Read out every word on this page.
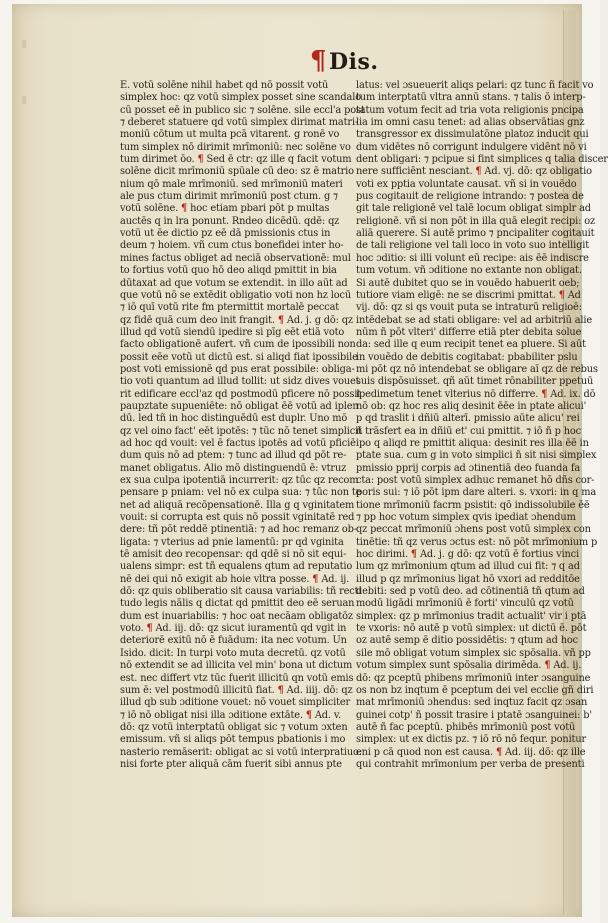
¶Dis.
E. votū solēne nihil habet qd nō possit votū
simplex hoc: qz votū simplex posset sine scandalo
cū posset eē in publico sic ⁊ solēne. sile eccl'a post
⁊ deberet statuere qd votū simplex dirimat matri-
moniū cōtum ut multa pcā vitarent. g ronē vo
tum simplex nō dirimit mrīmoniū: nec solēne vo
tum dirimet ōo. ¶ Sed ē ctr: qz ille q facit votum
solēne dicit mrīmoniū spūale cū deo: sz ē matrio
nium qō male mrīmoniū. sed mrīmoniū materi
ale pus ctum dirimit mrīmoniū post ctum. g ⁊
votū solēne. ¶ hoc etiam pbari pōt p multas
auctēs q in lra ponunt. Rndeo dicēdū. qdē: qz
votū ut ēe dictio pz eē dā pmissionis ctus in
deum ⁊ hoiem. vñ cum ctus bonefidei inter ho-
mines factus obliget ad neciā observationē: mul
to fortius votū quo hō deo aliqd pmittit in bia
dūtaxat ad que votum se extendit. in illo aūt ad
que votū nō se extēdit obligatio voti non hz locū
⁊ iō quī votū rite fm ptermittit mortalē peccat
qz fidē quā cum deo init frangit. ¶ Ad. j. g dō: qz
illud qd votū siendū ipedire si pīg eēt etiā voto
facto obligationē aufert. vñ cum de ipossibili non
possit eēe votū ut dictū est. si aliqd fiat ipossibile
post voti emissionē qd pus erat possibile: obliga-
tio voti quantum ad illud tollit: ut sidz dives vouet
rit edificare eccl'az qd postmodū pficere nō possit
paupztate supueniēte: nō obligat ēē votū ad iplen
dū. led tñ in hoc distinguēdū est duplr. Uno mō
qz vel oino fact' eēt ipotēs: ⁊ tūc nō tenet simplicit
ad hoc qd vouit: vel ē factus ipotēs ad votū pficiē
dum quis nō ad ptem: ⁊ tunc ad illud qd pōt re-
manet obligatus. Alio mō distinguendū ē: vtruz
ex sua culpa ipotentiā incurrerit: qz tūc qz recom
pensare p pniam: vel nō ex culpa sua: ⁊ tūc non te
net ad aliquā recōpensationē. Illa g q vginitatem
vouit: si corrupta est quis nō possit vginitatē red
dere: tñ pōt reddē ptinentiā: ⁊ ad hoc remanz ob-
ligata: ⁊ vterius ad pnie lamentū: pr qd vginita
tē amisit deo recopensar: qd qdē si nō sit equi-
ualens simpr: est tñ equalens qtum ad reputatio
nē dei qui nō exigit ab hoie vltra posse. ¶ Ad. ij.
dō: qz quis obliberatio sit causa variabilis: tñ recti
tudo legis nālis q dictat qd pmittit deo eē seruan
dum est inuariabilis: ⁊ hoc oat necāam obligatōz
voto. ¶ Ad. iij. dō: qz sicut iuramentū qd vgit in
deteriorē exitū nō ē fuādum: ita nec votum. Un
Isido. dicit: In turpi voto muta decretū. qz votū
nō extendit se ad illicita vel min' bona ut dictum
est. nec differt vtz tūc fuerit illicitū qn votū emis
sum ē: vel postmodū illicitū fiat. ¶ Ad. iiij. dō: qz
illud qb sub ɔditione vouet: nō vouet simpliciter
⁊ iō nō obligat nisi illa ɔditione extāte. ¶ Ad. v.
dō: qz votū interptatū obligat sic ⁊ votum ɔxten
emissum. vñ si aliqs pōt tempus pbationis i mo
nasterio remāserit: obligat ac si votū interpratiuo:
nisi forte pter aliquā cām fuerit sibi annus pte
latus: vel ɔsueuerit aliqs pelari: qz tunc ñ facit vo
tum interptatū vltra annū stans. ⁊ talis ō interp-
tatum votum fecit ad tria vota religionis pncipa
lia im omni casu tenet: ad alias observātias gnz
transgressor ex dissimulatōne platoz inducit qui
dum vidētes nō corrigunt indulgere vidēnt nō vi
dent obligari: ⁊ pcipue si fint simplices q talia discer
nere sufficiēnt nesciant. ¶ Ad. vj. dō: qz obligatio
voti ex pptia voluntate causat. vñ si in vouēdo
pus cogitauit de religione intrando: ⁊ postea de
git tale religionē vel talē locum obligat simplr ad
religionē. vñ si non pōt in illa quā elegit recipi: oz
aliā querere. Si autē primo ⁊ pncipaliter cogitauit
de tali religione vel tali loco in voto suo intelligit
hoc ɔditio: si illi volunt eū recipe: ais ēē indiscre
tum votum. vñ ɔditione no extante non obligat.
Si autē dubitet quo se in vouēdo habuerit oeb;
tutiore viam eligē: ne se discrimi pmittat. ¶ Ad
vij. dō: qz si qs vouit puta se intraturū religioē:
intēdebat se ad stati obligare: vel ad arbitriū alie
nūm ñ pōt vlteri' differre etiā pter debita solue
da: sed ille q eum recipit tenet ea pluere. Si aūt
in vouēdo de debitis cogitabat: pbabiliter pslu
mi pōt qz nō intendebat se obligare aī qz de rebus
suis dispōsuisset. qñ aūt timet rōnabiliter ppetuū
ipedimetum tenet vlterius nō differre. ¶ Ad. ix. dō
nō ob: qz hoc res aliq desinit ēēe in ptate alicui'
p qd traslit i dñiū alterī. pmissio aūte alicu' rei
ñ trāsfert ea in dñiū et' cui pmittit. ⁊ iō ñ p hoc
ipo q aliqd re pmittit aliqua: desinit res illa ēē in
ptate sua. cum g in voto simplici ñ sit nisi simplex
pmissio pprij corpis ad ɔtinentiā deo fuanda fa
cta: post votū simplex adhuc remanet hō dñs cor-
poris sui: ⁊ iō pōt ipm dare alteri. s. vxori: in q ma
tione mrīmoniū facrm psistit: qō indissolubile ēē
⁊ pp hoc votum simplex qvis ipediat ɔhendum
qz peccat mrīmoniū ɔhens post votū simplex con
tinētie: tñ qz verus ɔctus est: nō pōt mrīmonium p
hoc dirimi. ¶ Ad. j. g dō: qz votū ē fortius vinci
lum qz mrīmonium qtum ad illud cui fit: ⁊ q ad
illud p qz mrīmonius ligat hō vxori ad redditōe
debiti: sed p votū deo. ad cōtinentiā tñ qtum ad
modū ligādi mrīmoniū ē forti' vinculū qz votū
simplex: qz p mrīmonius tradit actualit' vir i ptā
te vxoris: nō autē p votū simplex: ut dictū ē. pōt
oz autē semp ē ditio possidētis: ⁊ qtum ad hoc
sile mō obligat votum simplex sic spōsalia. vñ pp
votum simplex sunt spōsalia dirimēda. ¶ Ad. ij.
dō: qz pceptū phibens mrīmoniū inter ɔsanguine
os non bz inqtum ē pceptum dei vel ecclie gñ diri
mat mrīmoniū ɔhendus: sed inqtuz facit qz ɔsan
guinei cotp' ñ possit trasire i ptatē ɔsanguinei: b'
autē ñ fac pceptū. phibēs mrīmoniū post votū
simplex: ut ex dictis pz. ⁊ iō rō nō fequr. ponitur
eni p cā quod non est causa. ¶ Ad. iij. dō: qz ille
qui contrahit mrīmonium per verba de presenti
